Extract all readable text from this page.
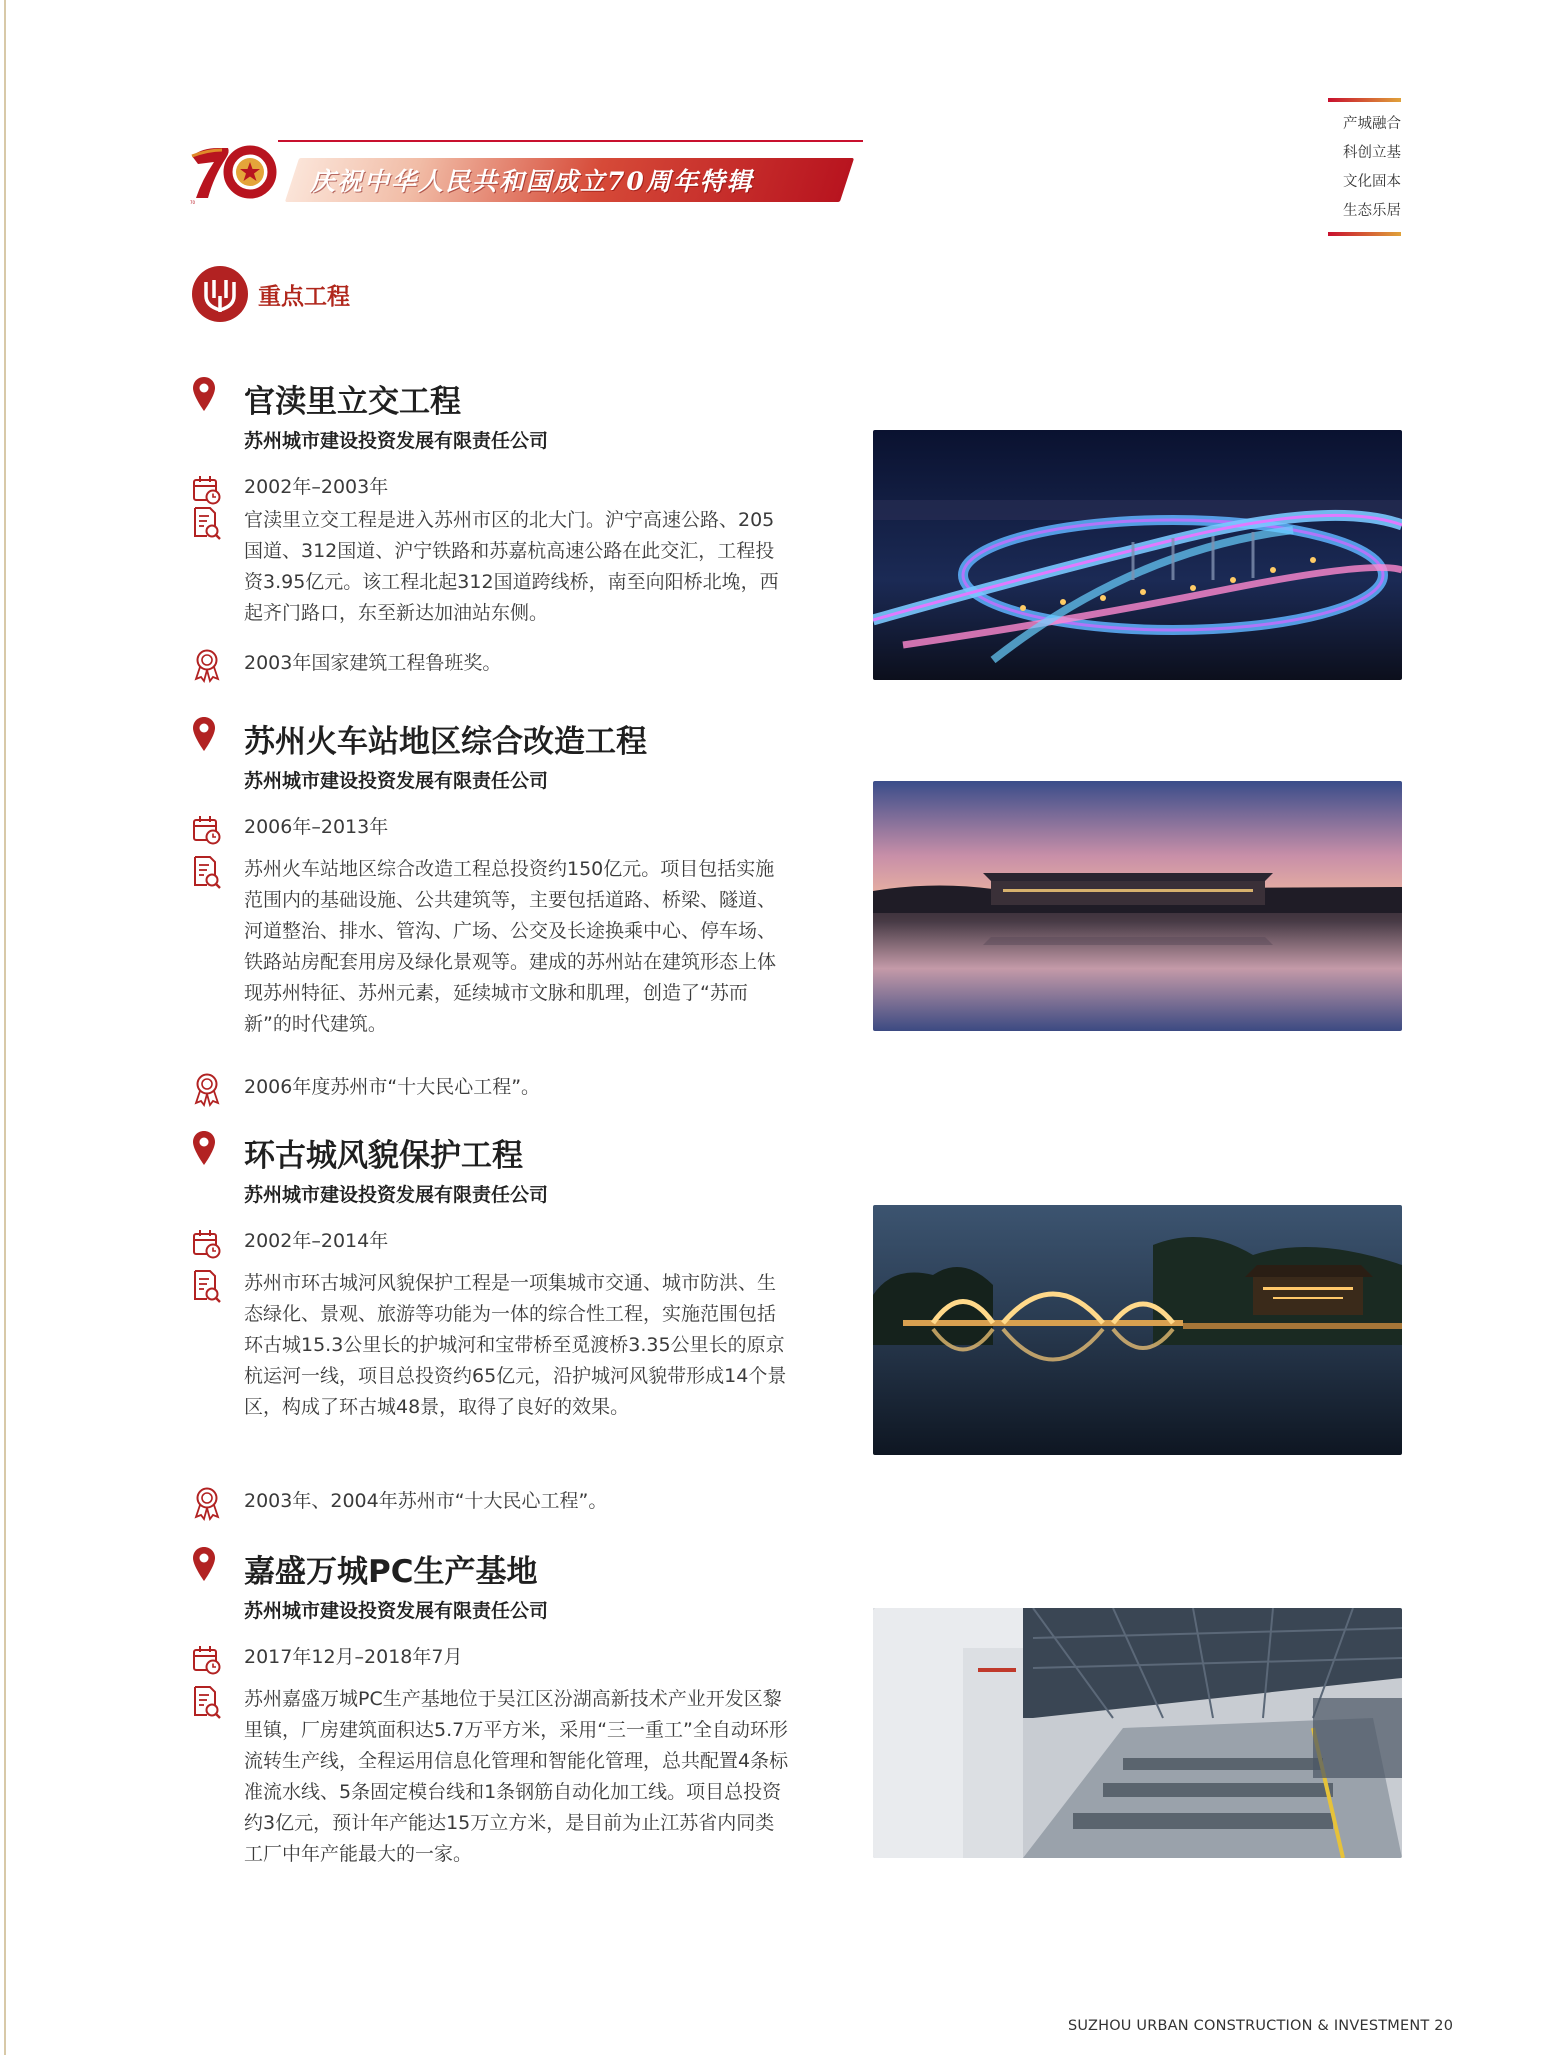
产城融合
科创立基
文化固本
生态乐居
庆祝中华人民共和国成立70周年特辑
70
重点工程
官渎里立交工程
苏州城市建设投资发展有限责任公司
2002年–2003年
官渎里立交工程是进入苏州市区的北大门。沪宁高速公路、205国道、312国道、沪宁铁路和苏嘉杭高速公路在此交汇，工程投资3.95亿元。该工程北起312国道跨线桥，南至向阳桥北堍，西起齐门路口，东至新达加油站东侧。
2003年国家建筑工程鲁班奖。
苏州火车站地区综合改造工程
苏州城市建设投资发展有限责任公司
2006年–2013年
苏州火车站地区综合改造工程总投资约150亿元。项目包括实施范围内的基础设施、公共建筑等，主要包括道路、桥梁、隧道、河道整治、排水、管沟、广场、公交及长途换乘中心、停车场、铁路站房配套用房及绿化景观等。建成的苏州站在建筑形态上体现苏州特征、苏州元素，延续城市文脉和肌理，创造了“苏而新”的时代建筑。
2006年度苏州市“十大民心工程”。
环古城风貌保护工程
苏州城市建设投资发展有限责任公司
2002年–2014年
苏州市环古城河风貌保护工程是一项集城市交通、城市防洪、生态绿化、景观、旅游等功能为一体的综合性工程，实施范围包括环古城15.3公里长的护城河和宝带桥至觅渡桥3.35公里长的原京杭运河一线，项目总投资约65亿元，沿护城河风貌带形成14个景区，构成了环古城48景，取得了良好的效果。
2003年、2004年苏州市“十大民心工程”。
嘉盛万城PC生产基地
苏州城市建设投资发展有限责任公司
2017年12月–2018年7月
苏州嘉盛万城PC生产基地位于吴江区汾湖高新技术产业开发区黎里镇，厂房建筑面积达5.7万平方米，采用“三一重工”全自动环形流转生产线，全程运用信息化管理和智能化管理，总共配置4条标准流水线、5条固定模台线和1条钢筋自动化加工线。项目总投资约3亿元，预计年产能达15万立方米，是目前为止江苏省内同类工厂中年产能最大的一家。
SUZHOU URBAN CONSTRUCTION & INVESTMENT 20
